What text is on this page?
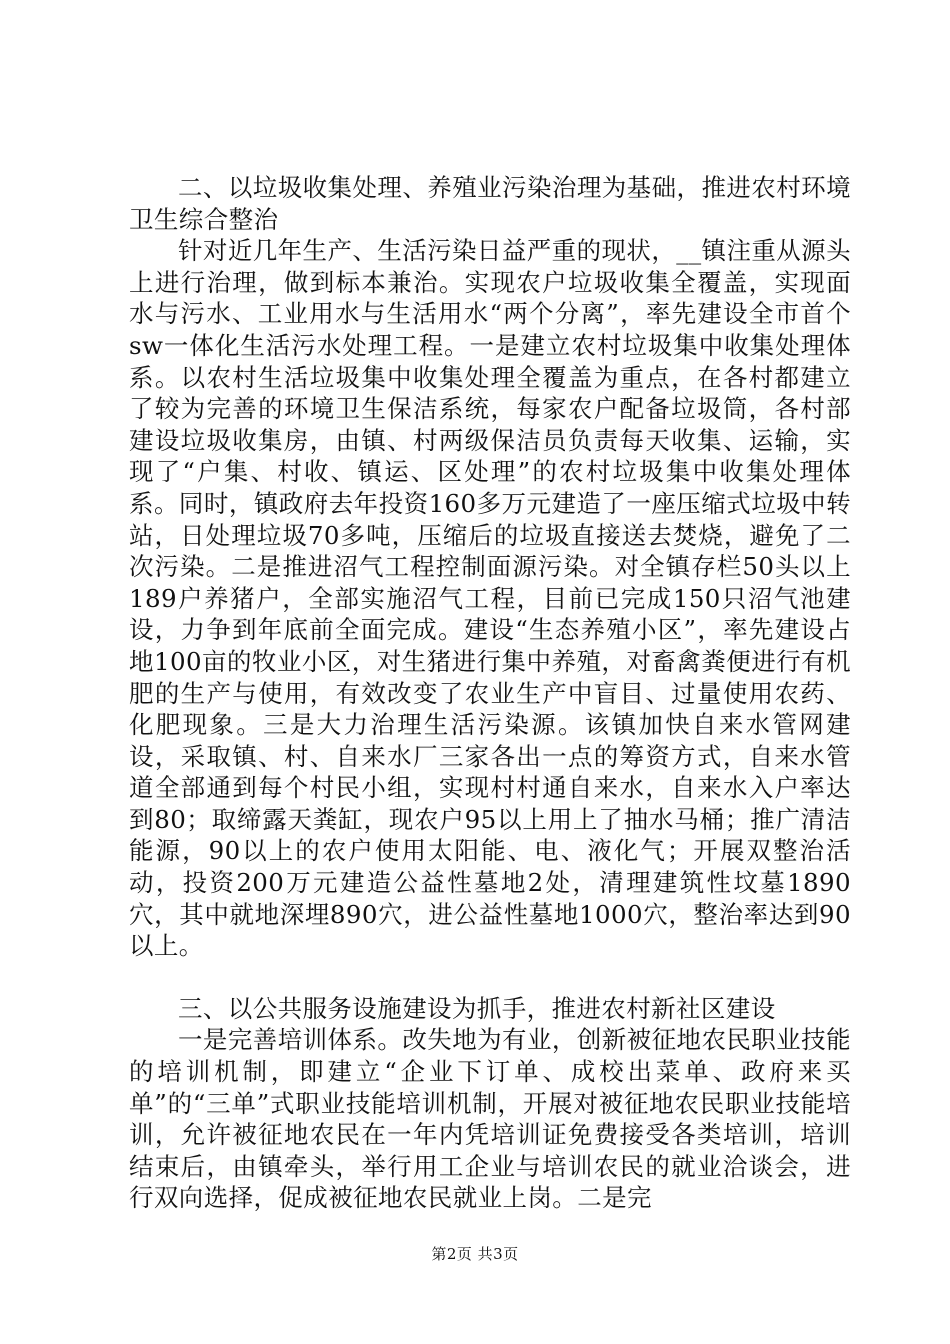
二、以垃圾收集处理、养殖业污染治理为基础，推进农村环境卫生综合整治

针对近几年生产、生活污染日益严重的现状，__镇注重从源头上进行治理，做到标本兼治。实现农户垃圾收集全覆盖，实现面水与污水、工业用水与生活用水“两个分离”，率先建设全市首个sw一体化生活污水处理工程。一是建立农村垃圾集中收集处理体系。以农村生活垃圾集中收集处理全覆盖为重点，在各村都建立了较为完善的环境卫生保洁系统，每家农户配备垃圾筒，各村部建设垃圾收集房，由镇、村两级保洁员负责每天收集、运输，实现了“户集、村收、镇运、区处理”的农村垃圾集中收集处理体系。同时，镇政府去年投资160多万元建造了一座压缩式垃圾中转站，日处理垃圾70多吨，压缩后的垃圾直接送去焚烧，避免了二次污染。二是推进沼气工程控制面源污染。对全镇存栏50头以上189户养猪户，全部实施沼气工程，目前已完成150只沼气池建设，力争到年底前全面完成。建设“生态养殖小区”，率先建设占地100亩的牧业小区，对生猪进行集中养殖，对畜禽粪便进行有机肥的生产与使用，有效改变了农业生产中盲目、过量使用农药、化肥现象。三是大力治理生活污染源。该镇加快自来水管网建设，采取镇、村、自来水厂三家各出一点的筹资方式，自来水管道全部通到每个村民小组，实现村村通自来水，自来水入户率达到80；取缔露天粪缸，现农户95以上用上了抽水马桶；推广清洁能源，90以上的农户使用太阳能、电、液化气；开展双整治活动，投资200万元建造公益性墓地2处，清理建筑性坟墓1890穴，其中就地深埋890穴，进公益性墓地1000穴，整治率达到90以上。

三、以公共服务设施建设为抓手，推进农村新社区建设

一是完善培训体系。改失地为有业，创新被征地农民职业技能的培训机制，即建立“企业下订单、成校出菜单、政府来买单”的“三单”式职业技能培训机制，开展对被征地农民职业技能培训，允许被征地农民在一年内凭培训证免费接受各类培训，培训结束后，由镇牵头，举行用工企业与培训农民的就业洽谈会，进行双向选择，促成被征地农民就业上岗。二是完

第2页 共3页
